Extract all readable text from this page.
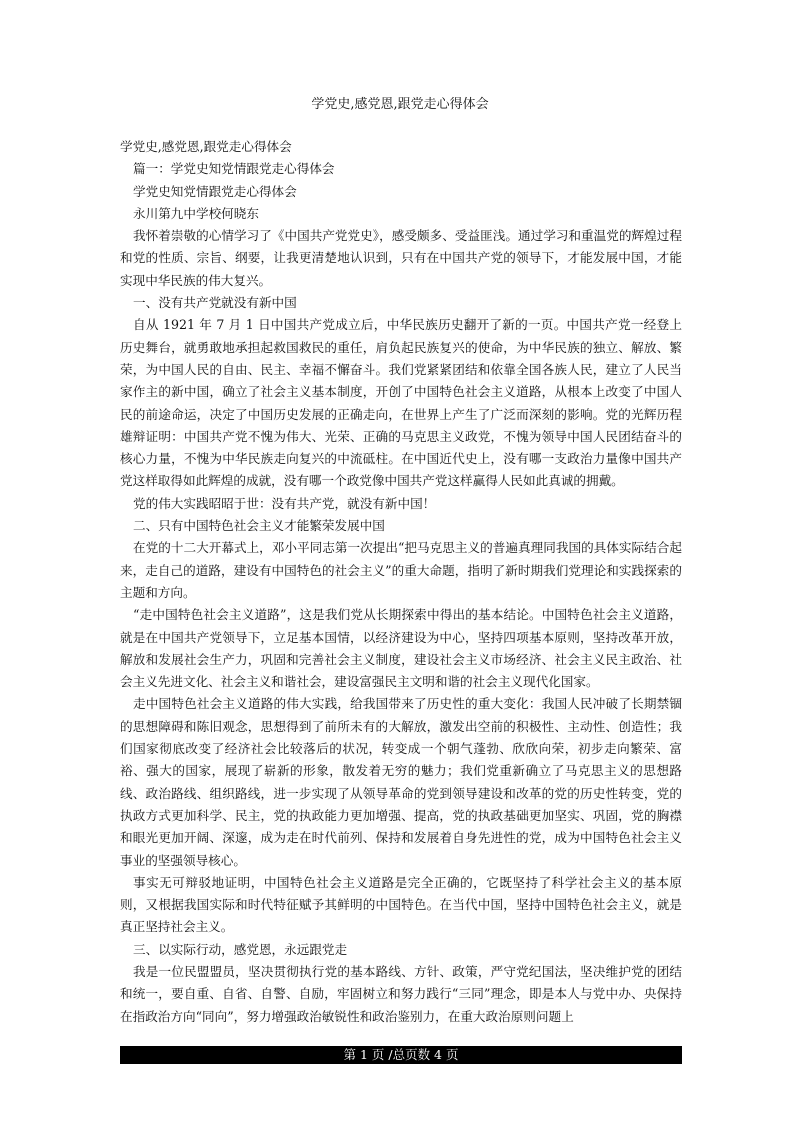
学党史,感党恩,跟党走心得体会

学党史,感党恩,跟党走心得体会

篇一：学党史知党情跟党走心得体会

学党史知党情跟党走心得体会

永川第九中学校何晓东

我怀着崇敬的心情学习了《中国共产党党史》，感受颇多、受益匪浅。通过学习和重温党的辉煌过程和党的性质、宗旨、纲要，让我更清楚地认识到，只有在中国共产党的领导下，才能发展中国，才能实现中华民族的伟大复兴。

一、没有共产党就没有新中国

自从 1921 年 7 月 1 日中国共产党成立后，中华民族历史翻开了新的一页。中国共产党一经登上历史舞台，就勇敢地承担起救国救民的重任，肩负起民族复兴的使命，为中华民族的独立、解放、繁荣，为中国人民的自由、民主、幸福不懈奋斗。我们党紧紧团结和依靠全国各族人民，建立了人民当家作主的新中国，确立了社会主义基本制度，开创了中国特色社会主义道路，从根本上改变了中国人民的前途命运，决定了中国历史发展的正确走向，在世界上产生了广泛而深刻的影响。党的光辉历程雄辩证明：中国共产党不愧为伟大、光荣、正确的马克思主义政党，不愧为领导中国人民团结奋斗的核心力量，不愧为中华民族走向复兴的中流砥柱。在中国近代史上，没有哪一支政治力量像中国共产党这样取得如此辉煌的成就，没有哪一个政党像中国共产党这样赢得人民如此真诚的拥戴。

党的伟大实践昭昭于世：没有共产党，就没有新中国！

二、只有中国特色社会主义才能繁荣发展中国

在党的十二大开幕式上，邓小平同志第一次提出“把马克思主义的普遍真理同我国的具体实际结合起来，走自己的道路，建设有中国特色的社会主义”的重大命题，指明了新时期我们党理论和实践探索的主题和方向。

“走中国特色社会主义道路”，这是我们党从长期探索中得出的基本结论。中国特色社会主义道路，就是在中国共产党领导下，立足基本国情，以经济建设为中心，坚持四项基本原则，坚持改革开放，解放和发展社会生产力，巩固和完善社会主义制度，建设社会主义市场经济、社会主义民主政治、社会主义先进文化、社会主义和谐社会，建设富强民主文明和谐的社会主义现代化国家。

走中国特色社会主义道路的伟大实践，给我国带来了历史性的重大变化：我国人民冲破了长期禁锢的思想障碍和陈旧观念，思想得到了前所未有的大解放，激发出空前的积极性、主动性、创造性；我们国家彻底改变了经济社会比较落后的状况，转变成一个朝气蓬勃、欣欣向荣，初步走向繁荣、富裕、强大的国家，展现了崭新的形象，散发着无穷的魅力；我们党重新确立了马克思主义的思想路线、政治路线、组织路线，进一步实现了从领导革命的党到领导建设和改革的党的历史性转变，党的执政方式更加科学、民主，党的执政能力更加增强、提高，党的执政基础更加坚实、巩固，党的胸襟和眼光更加开阔、深邃，成为走在时代前列、保持和发展着自身先进性的党，成为中国特色社会主义事业的坚强领导核心。

事实无可辩驳地证明，中国特色社会主义道路是完全正确的，它既坚持了科学社会主义的基本原则，又根据我国实际和时代特征赋予其鲜明的中国特色。在当代中国，坚持中国特色社会主义，就是真正坚持社会主义。

三、以实际行动，感党恩，永远跟党走

我是一位民盟盟员，坚决贯彻执行党的基本路线、方针、政策，严守党纪国法，坚决维护党的团结和统一，要自重、自省、自警、自励，牢固树立和努力践行“三同”理念，即是本人与党中办、央保持在指政治方向“同向”，努力增强政治敏锐性和政治鉴别力，在重大政治原则问题上

第 1 页 /总页数 4 页
